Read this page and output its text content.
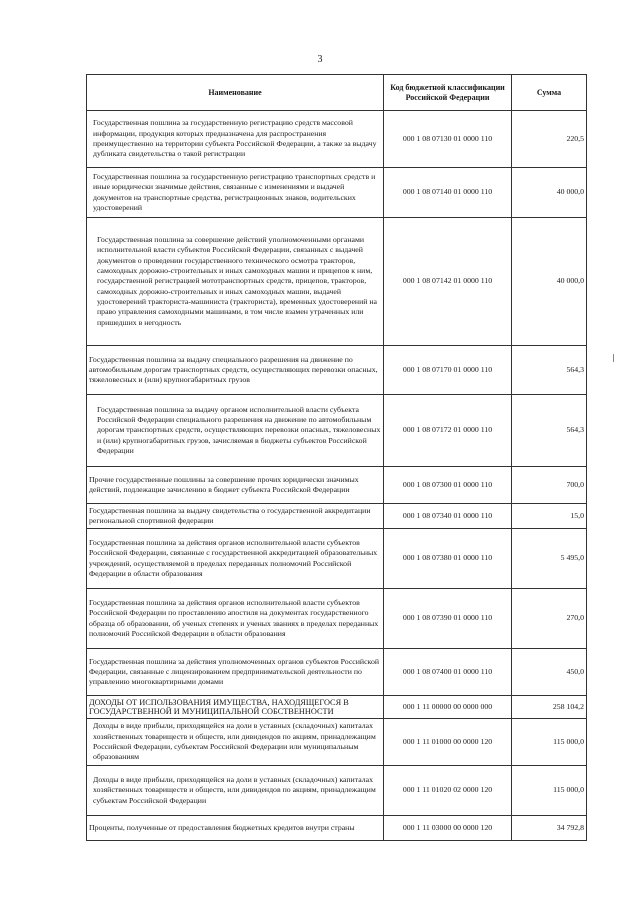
3
Наименование	Код бюджетной классификации Российской Федерации	Сумма
Государственная пошлина за государственную регистрацию средств массовой информации, продукция которых предназначена для распространения преимущественно на территории субъекта Российской Федерации, а также за выдачу дубликата свидетельства о такой регистрации	000 1 08 07130 01 0000 110	220,5
Государственная пошлина за государственную регистрацию транспортных средств и иные юридически значимые действия, связанные с изменениями и выдачей документов на транспортные средства, регистрационных знаков, водительских удостоверений	000 1 08 07140 01 0000 110	40 000,0
Государственная пошлина за совершение действий уполномоченными органами исполнительной власти субъектов Российской Федерации, связанных с выдачей документов о проведении государственного технического осмотра тракторов, самоходных дорожно-строительных и иных самоходных машин и прицепов к ним, государственной регистрацией мототранспортных средств, прицепов, тракторов, самоходных дорожно-строительных и иных самоходных машин, выдачей удостоверений тракториста-машиниста (тракториста), временных удостоверений на право управления самоходными машинами, в том числе взамен утраченных или пришедших в негодность	000 1 08 07142 01 0000 110	40 000,0
Государственная пошлина за выдачу специального разрешения на движение по автомобильным дорогам транспортных средств, осуществляющих перевозки опасных, тяжеловесных и (или) крупногабаритных грузов	000 1 08 07170 01 0000 110	564,3
Государственная пошлина за выдачу органом исполнительной власти субъекта Российской Федерации специального разрешения на движение по автомобильным дорогам транспортных средств, осуществляющих перевозки опасных, тяжеловесных и (или) крупногабаритных грузов, зачисляемая в бюджеты субъектов Российской Федерации	000 1 08 07172 01 0000 110	564,3
Прочие государственные пошлины за совершение прочих юридически значимых действий, подлежащие зачислению в бюджет субъекта Российской Федерации	000 1 08 07300 01 0000 110	700,0
Государственная пошлина за выдачу свидетельства о государственной аккредитации региональной спортивной федерации	000 1 08 07340 01 0000 110	15,0
Государственная пошлина за действия органов исполнительной власти субъектов Российской Федерации, связанные с государственной аккредитацией образовательных учреждений, осуществляемой в пределах переданных полномочий Российской Федерации в области образования	000 1 08 07380 01 0000 110	5 495,0
Государственная пошлина за действия органов исполнительной власти субъектов Российской Федерации по проставлению апостиля на документах государственного образца об образовании, об ученых степенях и ученых званиях в пределах переданных полномочий Российской Федерации в области образования	000 1 08 07390 01 0000 110	270,0
Государственная пошлина за действия уполномоченных органов субъектов Российской Федерации, связанные с лицензированием предпринимательской деятельности по управлению многоквартирными домами	000 1 08 07400 01 0000 110	450,0
ДОХОДЫ ОТ ИСПОЛЬЗОВАНИЯ ИМУЩЕСТВА, НАХОДЯЩЕГОСЯ В ГОСУДАРСТВЕННОЙ И МУНИЦИПАЛЬНОЙ СОБСТВЕННОСТИ	000 1 11 00000 00 0000 000	258 104,2
Доходы в виде прибыли, приходящейся на доли в уставных (складочных) капиталах хозяйственных товариществ и обществ, или дивидендов по акциям, принадлежащим Российской Федерации, субъектам Российской Федерации или муниципальным образованиям	000 1 11 01000 00 0000 120	115 000,0
Доходы в виде прибыли, приходящейся на доли в уставных (складочных) капиталах хозяйственных товариществ и обществ, или дивидендов по акциям, принадлежащим субъектам Российской Федерации	000 1 11 01020 02 0000 120	115 000,0
Проценты, полученные от предоставления бюджетных кредитов внутри страны	000 1 11 03000 00 0000 120	34 792,8
